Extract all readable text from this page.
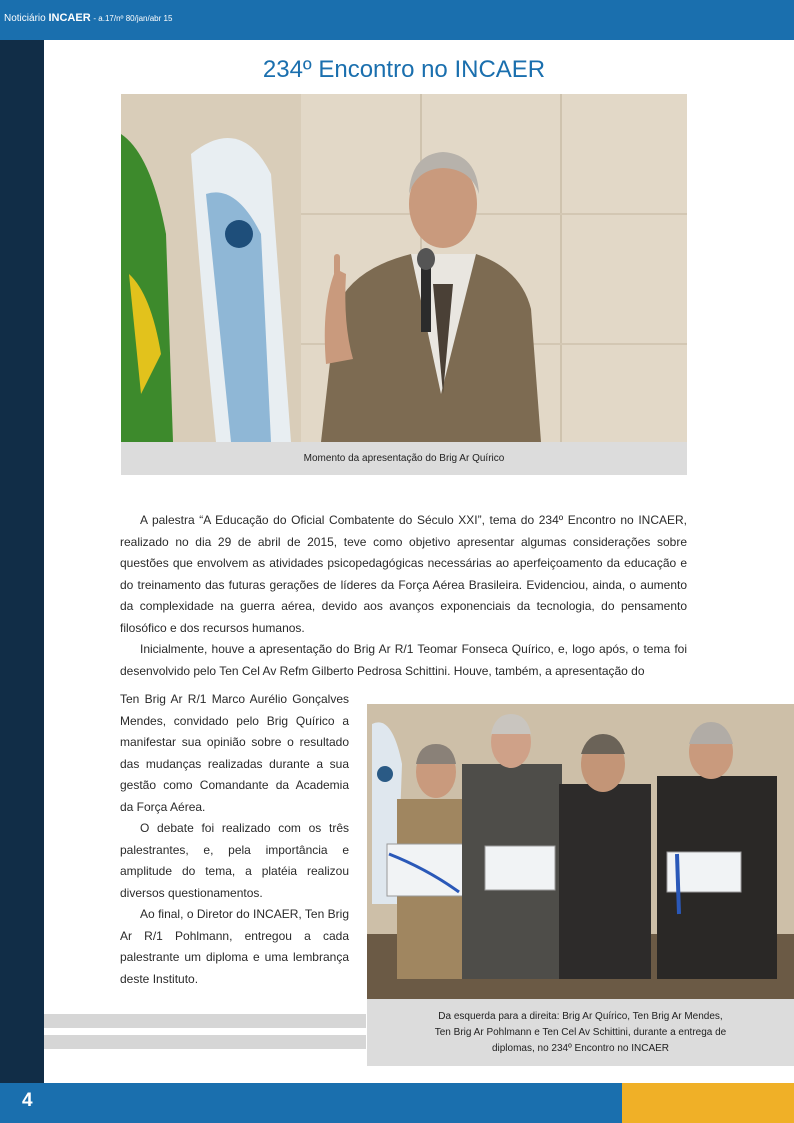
Noticiário INCAER - a.17/nº 80/jan/abr 15
234º Encontro no INCAER
Momento da apresentação do Brig Ar Quírico

A palestra “A Educação do Oficial Combatente do Século XXI”, tema do 234º Encontro no INCAER, realizado no dia 29 de abril de 2015, teve como objetivo apresentar algumas considerações sobre questões que envolvem as atividades psicopedagógicas necessárias ao aperfeiçoamento da educação e do treinamento das futuras gerações de líderes da Força Aérea Brasileira. Evidenciou, ainda, o aumento da complexidade na guerra aérea, devido aos avanços exponenciais da tecnologia, do pensamento filosófico e dos recursos humanos.

Inicialmente, houve a apresentação do Brig Ar R/1 Teomar Fonseca Quírico, e, logo após, o tema foi desenvolvido pelo Ten Cel Av Refm Gilberto Pedrosa Schittini. Houve, também, a apresentação do

Ten Brig Ar R/1 Marco Aurélio Gonçalves Mendes, convidado pelo Brig Quírico a manifestar sua opinião sobre o resultado das mudanças realizadas durante a sua gestão como Comandante da Academia da Força Aérea.

O debate foi realizado com os três palestrantes, e, pela importância e amplitude do tema, a platéia realizou diversos questionamentos.

Ao final, o Diretor do INCAER, Ten Brig Ar R/1 Pohlmann, entregou a cada palestrante um diploma e uma lembrança deste Instituto.

Da esquerda para a direita: Brig Ar Quírico, Ten Brig Ar Mendes, Ten Brig Ar Pohlmann e Ten Cel Av Schittini, durante a entrega de diplomas, no 234º Encontro no INCAER
4
